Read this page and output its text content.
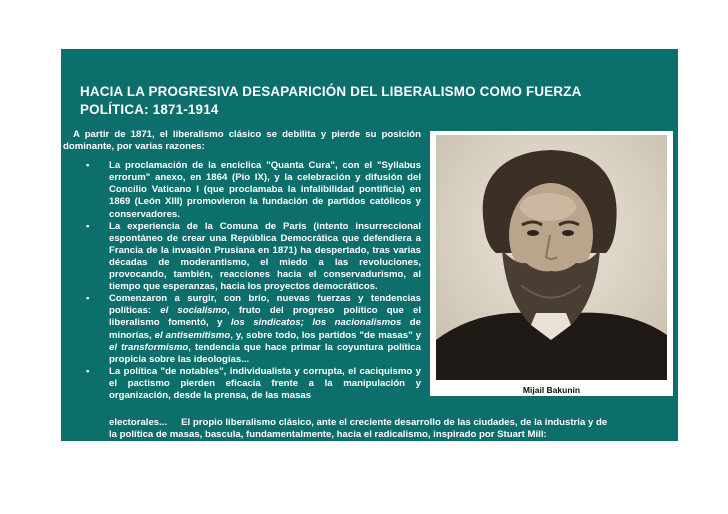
HACIA LA PROGRESIVA DESAPARICIÓN DEL LIBERALISMO COMO FUERZA
POLÍTICA: 1871-1914
A partir de 1871, el liberalismo clásico se debilita y pierde su posición dominante, por varias razones:
• La proclamación de la encíclica "Quanta Cura", con el "Syllabus errorum" anexo, en 1864 (Pío IX), y la celebración y difusión del Concilio Vaticano I (que proclamaba la infalibilidad pontificia) en 1869 (León XIII) promovieron la fundación de partidos católicos y conservadores.
• La experiencia de la Comuna de París (intento insurreccional espontáneo de crear una República Democrática que defendiera a Francia de la invasión Prusiana en 1871) ha despertado, tras varias décadas de moderantismo, el miedo a las revoluciones, provocando, también, reacciones hacia el conservadurismo, al tiempo que esperanzas, hacia los proyectos democráticos.
• Comenzaron a surgir, con brío, nuevas fuerzas y tendencias políticas: el socialismo, fruto del progreso político que el liberalismo fomentó, y los sindicatos; los nacionalismos de minorías, el antisemitismo, y, sobre todo, los partidos "de masas" y el transformismo, tendencia que hace primar la coyuntura política propicia sobre las ideologías...
• La política "de notables", individualista y corrupta, el caciquismo y el pactismo pierden eficacia frente a la manipulación y organización, desde la prensa, de las masas
electorales... El propio liberalismo clásico, ante el creciente desarrollo de las ciudades, de la industria y de
la política de masas, bascula, fundamentalmente, hacia el radicalismo, inspirado por Stuart Mill:
Mijail Bakunin
